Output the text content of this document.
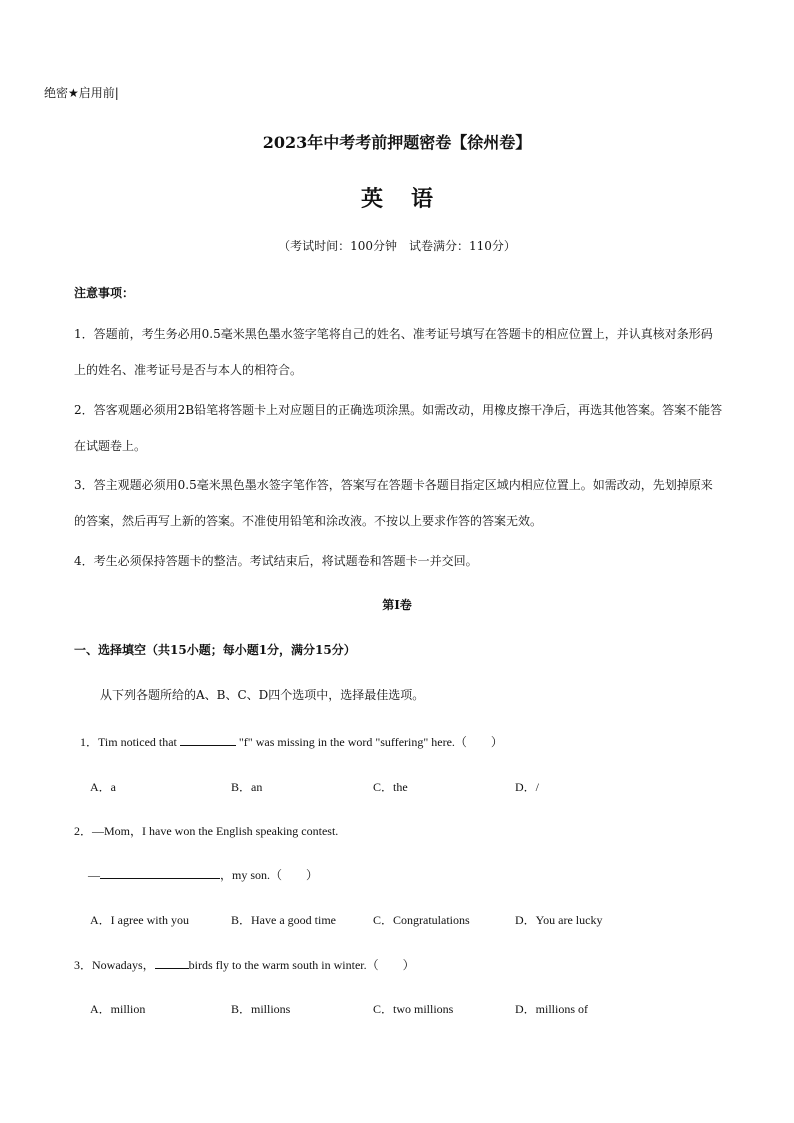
绝密★启用前|
2023年中考考前押题密卷【徐州卷】
英语
（考试时间：100分钟　试卷满分：110分）
注意事项：
1．答题前，考生务必用0.5毫米黑色墨水签字笔将自己的姓名、准考证号填写在答题卡的相应位置上，并认真核对条形码上的姓名、准考证号是否与本人的相符合。
2．答客观题必须用2B铅笔将答题卡上对应题目的正确选项涂黑。如需改动，用橡皮擦干净后，再选其他答案。答案不能答在试题卷上。
3．答主观题必须用0.5毫米黑色墨水签字笔作答，答案写在答题卡各题目指定区域内相应位置上。如需改动，先划掉原来的答案，然后再写上新的答案。不准使用铅笔和涂改液。不按以上要求作答的答案无效。
4．考生必须保持答题卡的整洁。考试结束后，将试题卷和答题卡一并交回。
第Ⅰ卷
一、选择填空（共15小题；每小题1分，满分15分）
从下列各题所给的A、B、C、D四个选项中，选择最佳选项。
1．Tim noticed that	"f" was missing in the word "suffering" here.（　　）
A．a	B．an	C．the	D．/
2．—Mom，I have won the English speaking contest.
—	，my son.（　　）
A．I agree with you	B．Have a good time	C．Congratulations	D．You are lucky
3．Nowadays，	birds fly to the warm south in winter.（　　）
A．million	B．millions	C．two millions	D．millions of
